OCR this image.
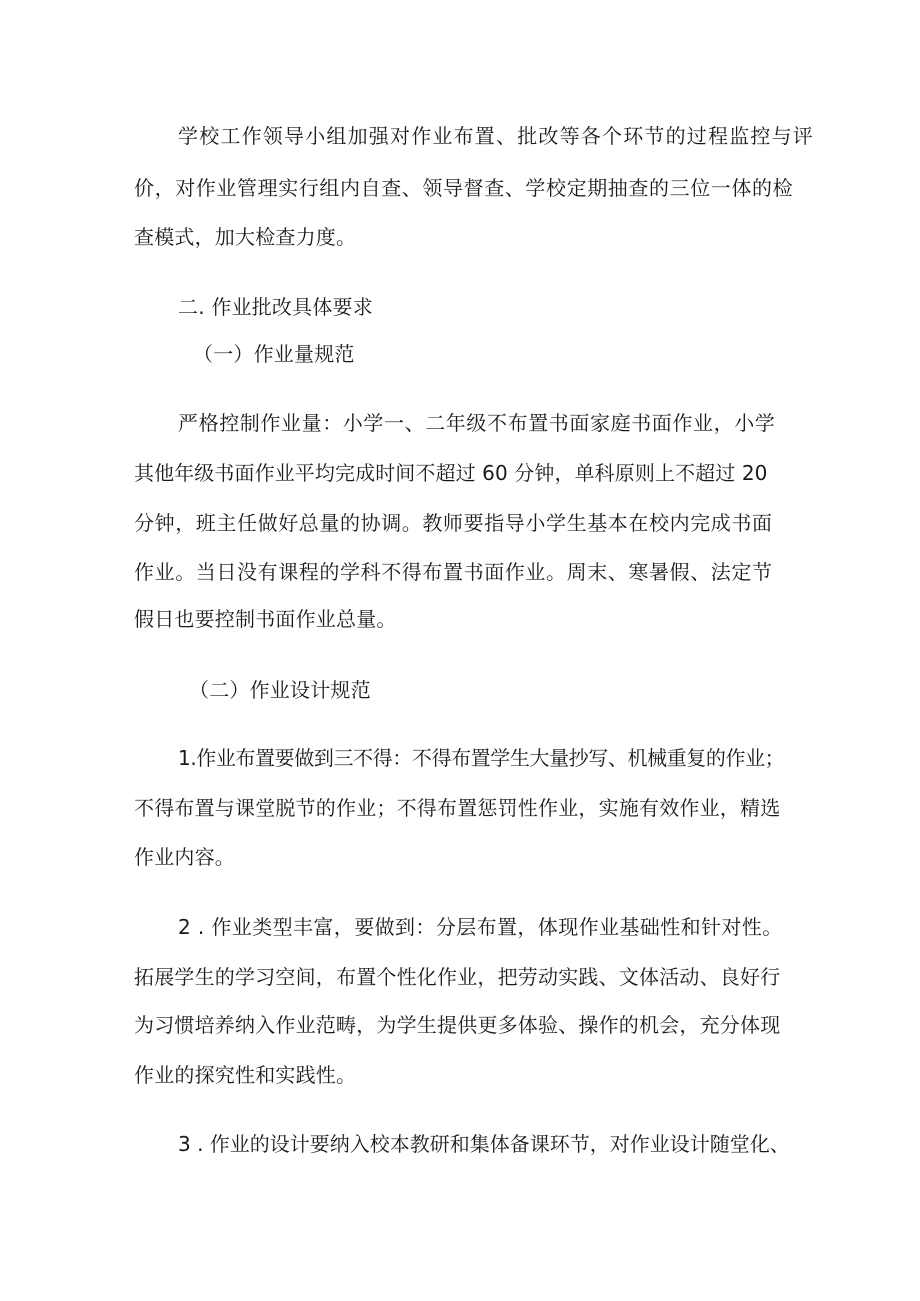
学校工作领导小组加强对作业布置、批改等各个环节的过程监控与评
价，对作业管理实行组内自查、领导督查、学校定期抽查的三位一体的检
查模式，加大检查力度。
二. 作业批改具体要求
（一）作业量规范
严格控制作业量：小学一、二年级不布置书面家庭书面作业，小学
其他年级书面作业平均完成时间不超过 60 分钟，单科原则上不超过 20
分钟，班主任做好总量的协调。教师要指导小学生基本在校内完成书面
作业。当日没有课程的学科不得布置书面作业。周末、寒暑假、法定节
假日也要控制书面作业总量。
（二）作业设计规范
1.作业布置要做到三不得：不得布置学生大量抄写、机械重复的作业；
不得布置与课堂脱节的作业；不得布置惩罚性作业，实施有效作业，精选
作业内容。
2 . 作业类型丰富，要做到：分层布置，体现作业基础性和针对性。
拓展学生的学习空间，布置个性化作业，把劳动实践、文体活动、良好行
为习惯培养纳入作业范畴，为学生提供更多体验、操作的机会，充分体现
作业的探究性和实践性。
3 . 作业的设计要纳入校本教研和集体备课环节，对作业设计随堂化、
